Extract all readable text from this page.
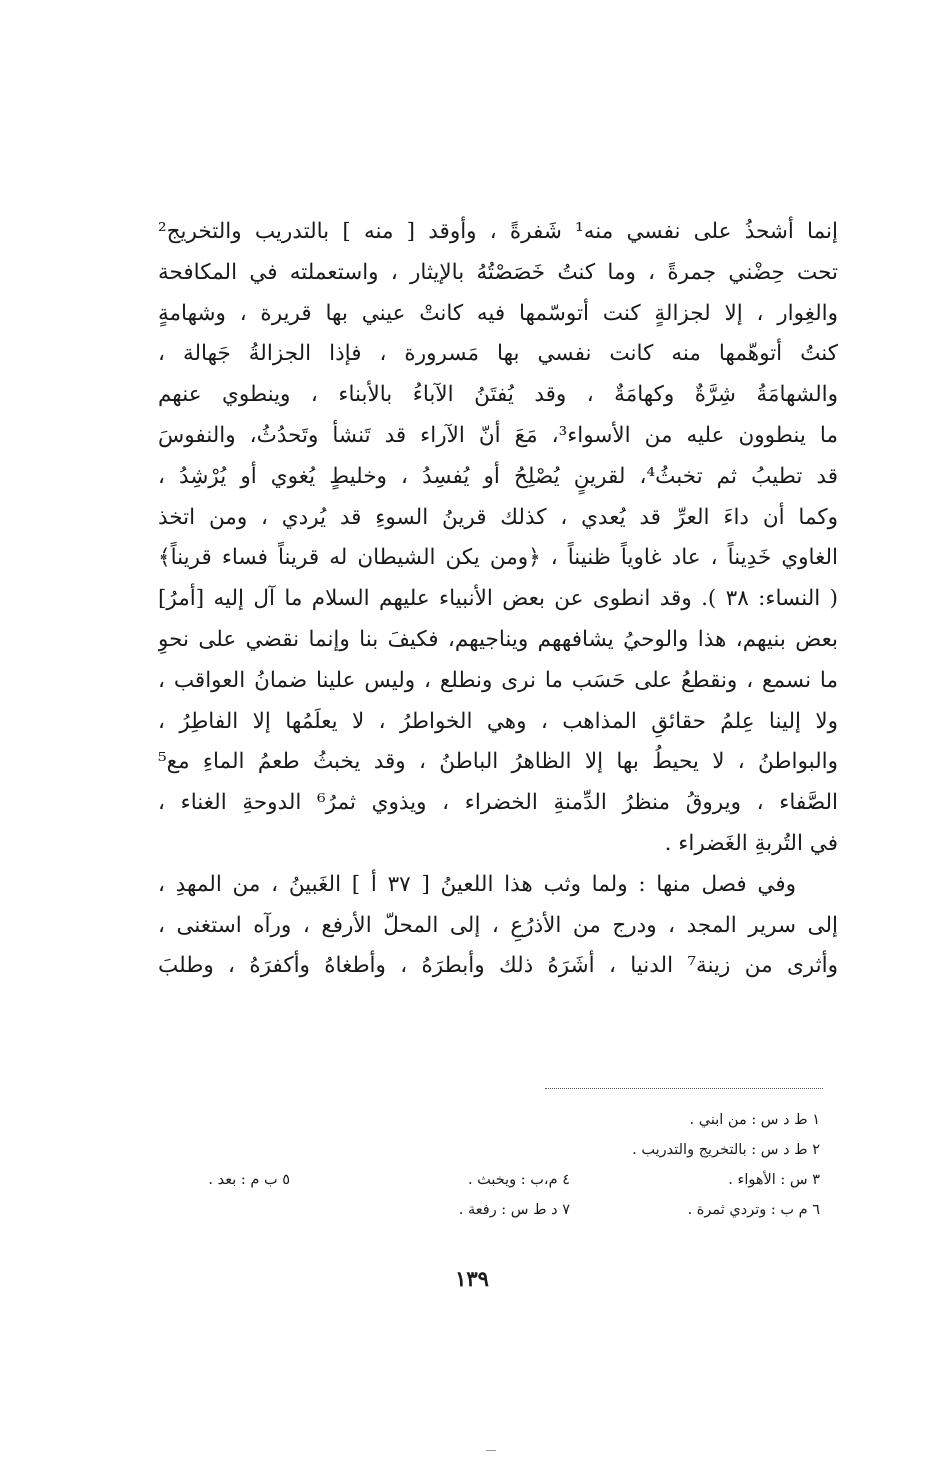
إنما أشحذُ على نفسي منه¹ شَفرةً ، وأوقد [ منه ] بالتدريب والتخريج²
تحت حِضْني جمرةً ، وما كنتُ خَصَصْتُهُ بالإيثار ، واستعملته في المكافحة
والغِوار ، إلا لجزالةٍ كنت أتوسّمها فيه كانتْ عيني بها قريرة ، وشهامةٍ
كنتُ أتوهّمها منه كانت نفسي بها مَسرورة ، فإذا الجزالةُ جَهالة ،
والشهامَةُ شِرَّةٌ وكهامَةٌ ، وقد يُفتَنُ الآباءُ بالأبناء ، وينطوي عنهم
ما ينطوون عليه من الأسواء³، مَعَ أنّ الآراء قد تَنشأ وتَحدُثُ، والنفوسَ
قد تطيبُ ثم تخبثُ⁴، لقرينٍ يُصْلِحُ أو يُفسِدُ ، وخليطٍ يُغوي أو يُرْشِدُ ،
وكما أن داءَ العرِّ قد يُعدي ، كذلك قرينُ السوءِ قد يُردي ، ومن اتخذ
الغاوي خَدِيناً ، عاد غاوياً ظنيناً ، ﴿ومن يكن الشيطان له قريناً فساء قريناً﴾
( النساء: ٣٨ ). وقد انطوى عن بعض الأنبياء عليهم السلام ما آل إليه [أمرُ]
بعض بنيهم، هذا والوحيُ يشافههم ويناجيهم، فكيفَ بنا وإنما نقضي على نحوِ
ما نسمع ، ونقطعُ على حَسَب ما نرى ونطلع ، وليس علينا ضمانُ العواقب ،
ولا إلينا عِلمُ حقائقِ المذاهب ، وهي الخواطرُ ، لا يعلَمُها إلا الفاطِرُ ،
والبواطنُ ، لا يحيطُ بها إلا الظاهرُ الباطنُ ، وقد يخبثُ طعمُ الماءِ مع⁵
الصَّفاء ، ويروقُ منظرُ الدِّمنةِ الخضراء ، ويذوي ثمرُ⁶ الدوحةِ الغناء ،
في التُربةِ الغَضراء .
وفي فصل منها : ولما وثب هذا اللعينُ [ ٣٧ أ ] الغَبينُ ، من المهدِ ،
إلى سرير المجد ، ودرج من الأذرُعِ ، إلى المحلّ الأرفع ، ورآه استغنى ،
وأثرى من زينة⁷ الدنيا ، أشَرَهُ ذلك وأبطرَهُ ، وأطغاهُ وأكفرَهُ ، وطلبَ
١ ط د س : من ابني .
٢ ط د س : بالتخريج والتدريب .
٣ س : الأهواء .
٤ م،ب : ويخبث .
٥ ب م : بعد .
٦ م ب : وتردي ثمرة .
٧ د ط س : رفعة .
١٣٩
